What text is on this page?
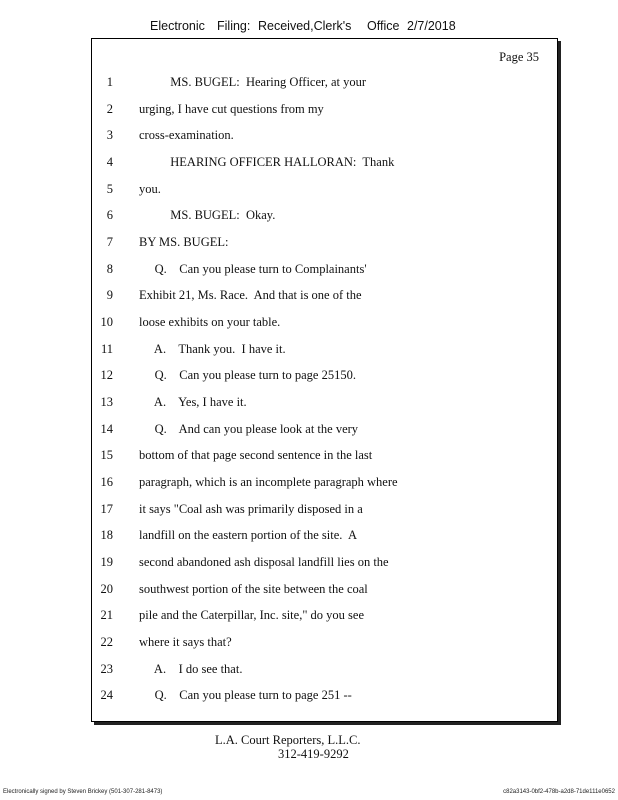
Electronic Filing: Received,Clerk's Office 2/7/2018
Page 35
1 MS. BUGEL:  Hearing Officer, at your
2 urging, I have cut questions from my
3 cross-examination.
4 HEARING OFFICER HALLORAN:  Thank
5 you.
6 MS. BUGEL:  Okay.
7 BY MS. BUGEL:
8 Q.    Can you please turn to Complainants'
9 Exhibit 21, Ms. Race.  And that is one of the
10 loose exhibits on your table.
11 A.    Thank you.  I have it.
12 Q.    Can you please turn to page 25150.
13 A.    Yes, I have it.
14 Q.    And can you please look at the very
15 bottom of that page second sentence in the last
16 paragraph, which is an incomplete paragraph where
17 it says "Coal ash was primarily disposed in a
18 landfill on the eastern portion of the site.  A
19 second abandoned ash disposal landfill lies on the
20 southwest portion of the site between the coal
21 pile and the Caterpillar, Inc. site," do you see
22 where it says that?
23 A.    I do see that.
24 Q.    Can you please turn to page 251 --
L.A. Court Reporters, L.L.C.
312-419-9292
Electronically signed by Steven Brickey (501-307-281-8473)	c82a3143-0bf2-478b-a2d8-71de111e0652
